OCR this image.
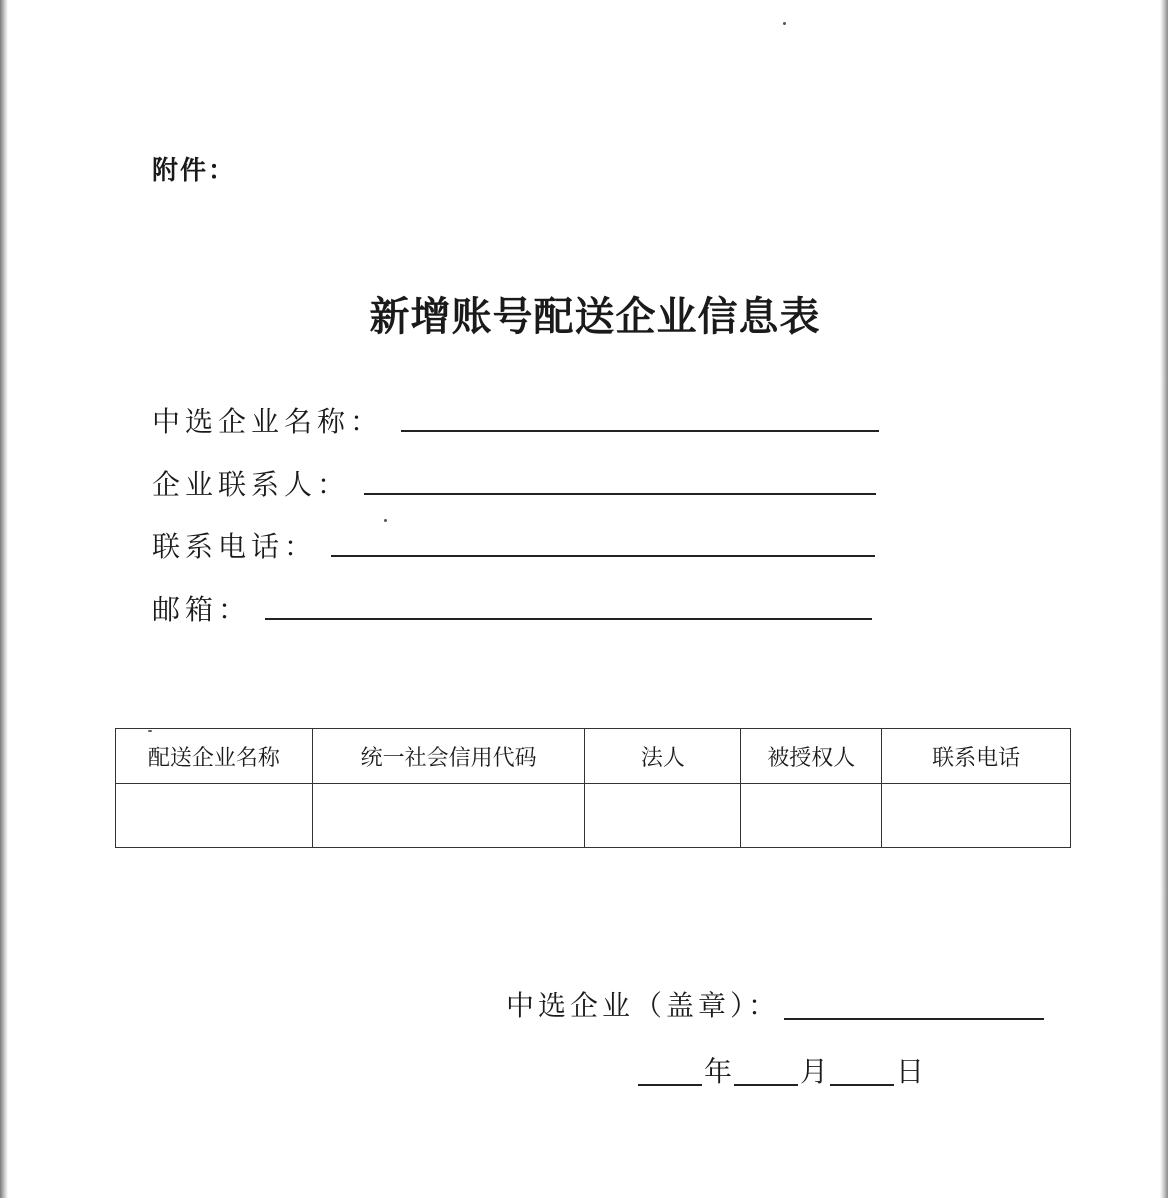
附件：
新增账号配送企业信息表
中选企业名称：
企业联系人：
联系电话：
邮箱：
配送企业名称	统一社会信用代码	法人	被授权人	联系电话

中选企业（盖章）：
年 月 日
